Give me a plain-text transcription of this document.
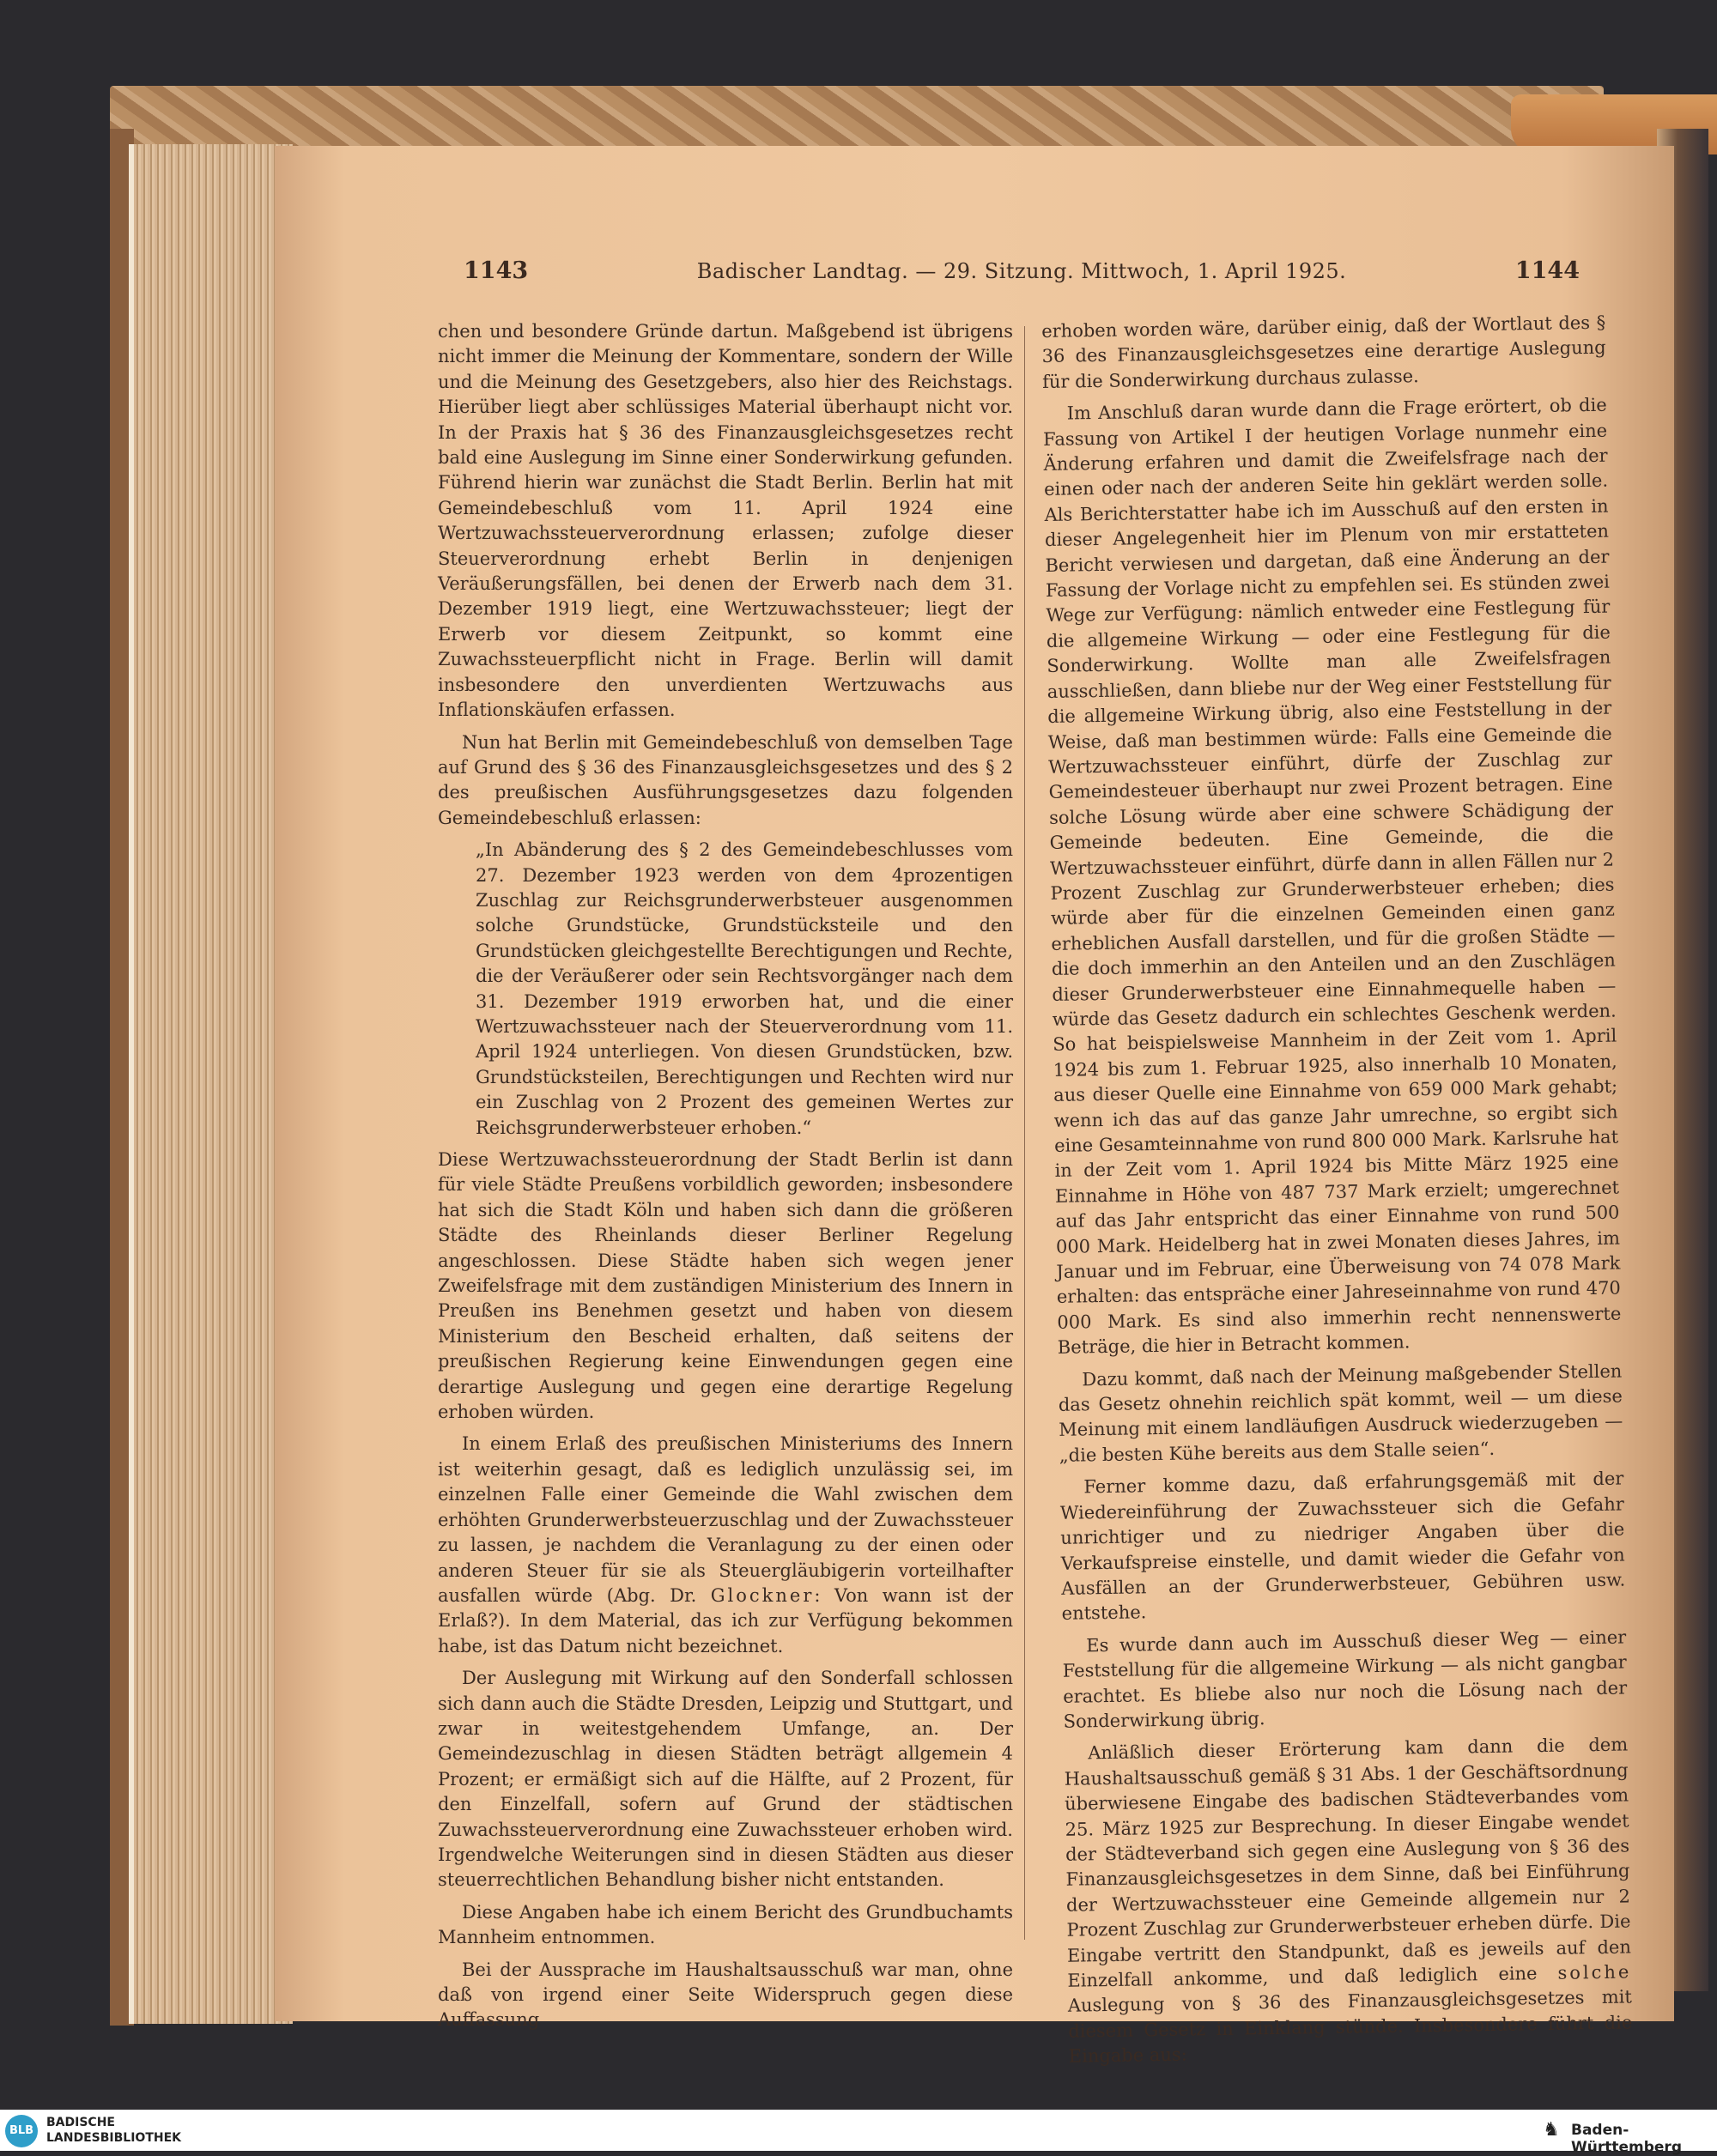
1143	Badischer Landtag. — 29. Sitzung. Mittwoch, 1. April 1925.	1144

chen und besondere Gründe dartun. Maßgebend ist übrigens nicht immer die Meinung der Kommentare, sondern der Wille und die Meinung des Gesetzgebers, also hier des Reichstags. Hierüber liegt aber schlüssiges Material überhaupt nicht vor. In der Praxis hat § 36 des Finanzausgleichsgesetzes recht bald eine Auslegung im Sinne einer Sonderwirkung gefunden. Führend hierin war zunächst die Stadt Berlin. Berlin hat mit Gemeindebeschluß vom 11. April 1924 eine Wertzuwachssteuerverordnung erlassen; zufolge dieser Steuerverordnung erhebt Berlin in denjenigen Veräußerungsfällen, bei denen der Erwerb nach dem 31. Dezember 1919 liegt, eine Wertzuwachssteuer; liegt der Erwerb vor diesem Zeitpunkt, so kommt eine Zuwachssteuerpflicht nicht in Frage. Berlin will damit insbesondere den unverdienten Wertzuwachs aus Inflationskäufen erfassen.

Nun hat Berlin mit Gemeindebeschluß von demselben Tage auf Grund des § 36 des Finanzausgleichsgesetzes und des § 2 des preußischen Ausführungsgesetzes dazu folgenden Gemeindebeschluß erlassen:

„In Abänderung des § 2 des Gemeindebeschlusses vom 27. Dezember 1923 werden von dem 4prozentigen Zuschlag zur Reichsgrunderwerbsteuer ausgenommen solche Grundstücke, Grundstücksteile und den Grundstücken gleichgestellte Berechtigungen und Rechte, die der Veräußerer oder sein Rechtsvorgänger nach dem 31. Dezember 1919 erworben hat, und die einer Wertzuwachssteuer nach der Steuerverordnung vom 11. April 1924 unterliegen. Von diesen Grundstücken, bzw. Grundstücksteilen, Berechtigungen und Rechten wird nur ein Zuschlag von 2 Prozent des gemeinen Wertes zur Reichsgrunderwerbsteuer erhoben.“

Diese Wertzuwachssteuerordnung der Stadt Berlin ist dann für viele Städte Preußens vorbildlich geworden; insbesondere hat sich die Stadt Köln und haben sich dann die größeren Städte des Rheinlands dieser Berliner Regelung angeschlossen. Diese Städte haben sich wegen jener Zweifelsfrage mit dem zuständigen Ministerium des Innern in Preußen ins Benehmen gesetzt und haben von diesem Ministerium den Bescheid erhalten, daß seitens der preußischen Regierung keine Einwendungen gegen eine derartige Auslegung und gegen eine derartige Regelung erhoben würden.

In einem Erlaß des preußischen Ministeriums des Innern ist weiterhin gesagt, daß es lediglich unzulässig sei, im einzelnen Falle einer Gemeinde die Wahl zwischen dem erhöhten Grunderwerbsteuerzuschlag und der Zuwachssteuer zu lassen, je nachdem die Veranlagung zu der einen oder anderen Steuer für sie als Steuergläubigerin vorteilhafter ausfallen würde (Abg. Dr. Glockner: Von wann ist der Erlaß?). In dem Material, das ich zur Verfügung bekommen habe, ist das Datum nicht bezeichnet.

Der Auslegung mit Wirkung auf den Sonderfall schlossen sich dann auch die Städte Dresden, Leipzig und Stuttgart, und zwar in weitestgehendem Umfange, an. Der Gemeindezuschlag in diesen Städten beträgt allgemein 4 Prozent; er ermäßigt sich auf die Hälfte, auf 2 Prozent, für den Einzelfall, sofern auf Grund der städtischen Zuwachssteuerverordnung eine Zuwachssteuer erhoben wird. Irgendwelche Weiterungen sind in diesen Städten aus dieser steuerrechtlichen Behandlung bisher nicht entstanden.

Diese Angaben habe ich einem Bericht des Grundbuchamts Mannheim entnommen.

Bei der Aussprache im Haushaltsausschuß war man, ohne daß von irgend einer Seite Widerspruch gegen diese Auffassung

erhoben worden wäre, darüber einig, daß der Wortlaut des § 36 des Finanzausgleichsgesetzes eine derartige Auslegung für die Sonderwirkung durchaus zulasse.

Im Anschluß daran wurde dann die Frage erörtert, ob die Fassung von Artikel I der heutigen Vorlage nunmehr eine Änderung erfahren und damit die Zweifelsfrage nach der einen oder nach der anderen Seite hin geklärt werden solle. Als Berichterstatter habe ich im Ausschuß auf den ersten in dieser Angelegenheit hier im Plenum von mir erstatteten Bericht verwiesen und dargetan, daß eine Änderung an der Fassung der Vorlage nicht zu empfehlen sei. Es stünden zwei Wege zur Verfügung: nämlich entweder eine Festlegung für die allgemeine Wirkung — oder eine Festlegung für die Sonderwirkung. Wollte man alle Zweifelsfragen ausschließen, dann bliebe nur der Weg einer Feststellung für die allgemeine Wirkung übrig, also eine Feststellung in der Weise, daß man bestimmen würde: Falls eine Gemeinde die Wertzuwachssteuer einführt, dürfe der Zuschlag zur Gemeindesteuer überhaupt nur zwei Prozent betragen. Eine solche Lösung würde aber eine schwere Schädigung der Gemeinde bedeuten. Eine Gemeinde, die die Wertzuwachssteuer einführt, dürfe dann in allen Fällen nur 2 Prozent Zuschlag zur Grunderwerbsteuer erheben; dies würde aber für die einzelnen Gemeinden einen ganz erheblichen Ausfall darstellen, und für die großen Städte — die doch immerhin an den Anteilen und an den Zuschlägen dieser Grunderwerbsteuer eine Einnahmequelle haben — würde das Gesetz dadurch ein schlechtes Geschenk werden. So hat beispielsweise Mannheim in der Zeit vom 1. April 1924 bis zum 1. Februar 1925, also innerhalb 10 Monaten, aus dieser Quelle eine Einnahme von 659 000 Mark gehabt; wenn ich das auf das ganze Jahr umrechne, so ergibt sich eine Gesamteinnahme von rund 800 000 Mark. Karlsruhe hat in der Zeit vom 1. April 1924 bis Mitte März 1925 eine Einnahme in Höhe von 487 737 Mark erzielt; umgerechnet auf das Jahr entspricht das einer Einnahme von rund 500 000 Mark. Heidelberg hat in zwei Monaten dieses Jahres, im Januar und im Februar, eine Überweisung von 74 078 Mark erhalten: das entspräche einer Jahreseinnahme von rund 470 000 Mark. Es sind also immerhin recht nennenswerte Beträge, die hier in Betracht kommen.

Dazu kommt, daß nach der Meinung maßgebender Stellen das Gesetz ohnehin reichlich spät kommt, weil — um diese Meinung mit einem landläufigen Ausdruck wiederzugeben — „die besten Kühe bereits aus dem Stalle seien“.

Ferner komme dazu, daß erfahrungsgemäß mit der Wiedereinführung der Zuwachssteuer sich die Gefahr unrichtiger und zu niedriger Angaben über die Verkaufspreise einstelle, und damit wieder die Gefahr von Ausfällen an der Grunderwerbsteuer, Gebühren usw. entstehe.

Es wurde dann auch im Ausschuß dieser Weg — einer Feststellung für die allgemeine Wirkung — als nicht gangbar erachtet. Es bliebe also nur noch die Lösung nach der Sonderwirkung übrig.

Anläßlich dieser Erörterung kam dann die dem Haushaltsausschuß gemäß § 31 Abs. 1 der Geschäftsordnung überwiesene Eingabe des badischen Städteverbandes vom 25. März 1925 zur Besprechung. In dieser Eingabe wendet der Städteverband sich gegen eine Auslegung von § 36 des Finanzausgleichsgesetzes in dem Sinne, daß bei Einführung der Wertzuwachssteuer eine Gemeinde allgemein nur 2 Prozent Zuschlag zur Grunderwerbsteuer erheben dürfe. Die Eingabe vertritt den Standpunkt, daß es jeweils auf den Einzelfall ankomme, und daß lediglich eine solche Auslegung von § 36 des Finanzausgleichsgesetzes mit diesem Gesetz in Einklang stünde. Insbesondere führt die Eingabe aus:

BLB
BADISCHE
LANDESBIBLIOTHEK	♞ Baden-Württemberg
